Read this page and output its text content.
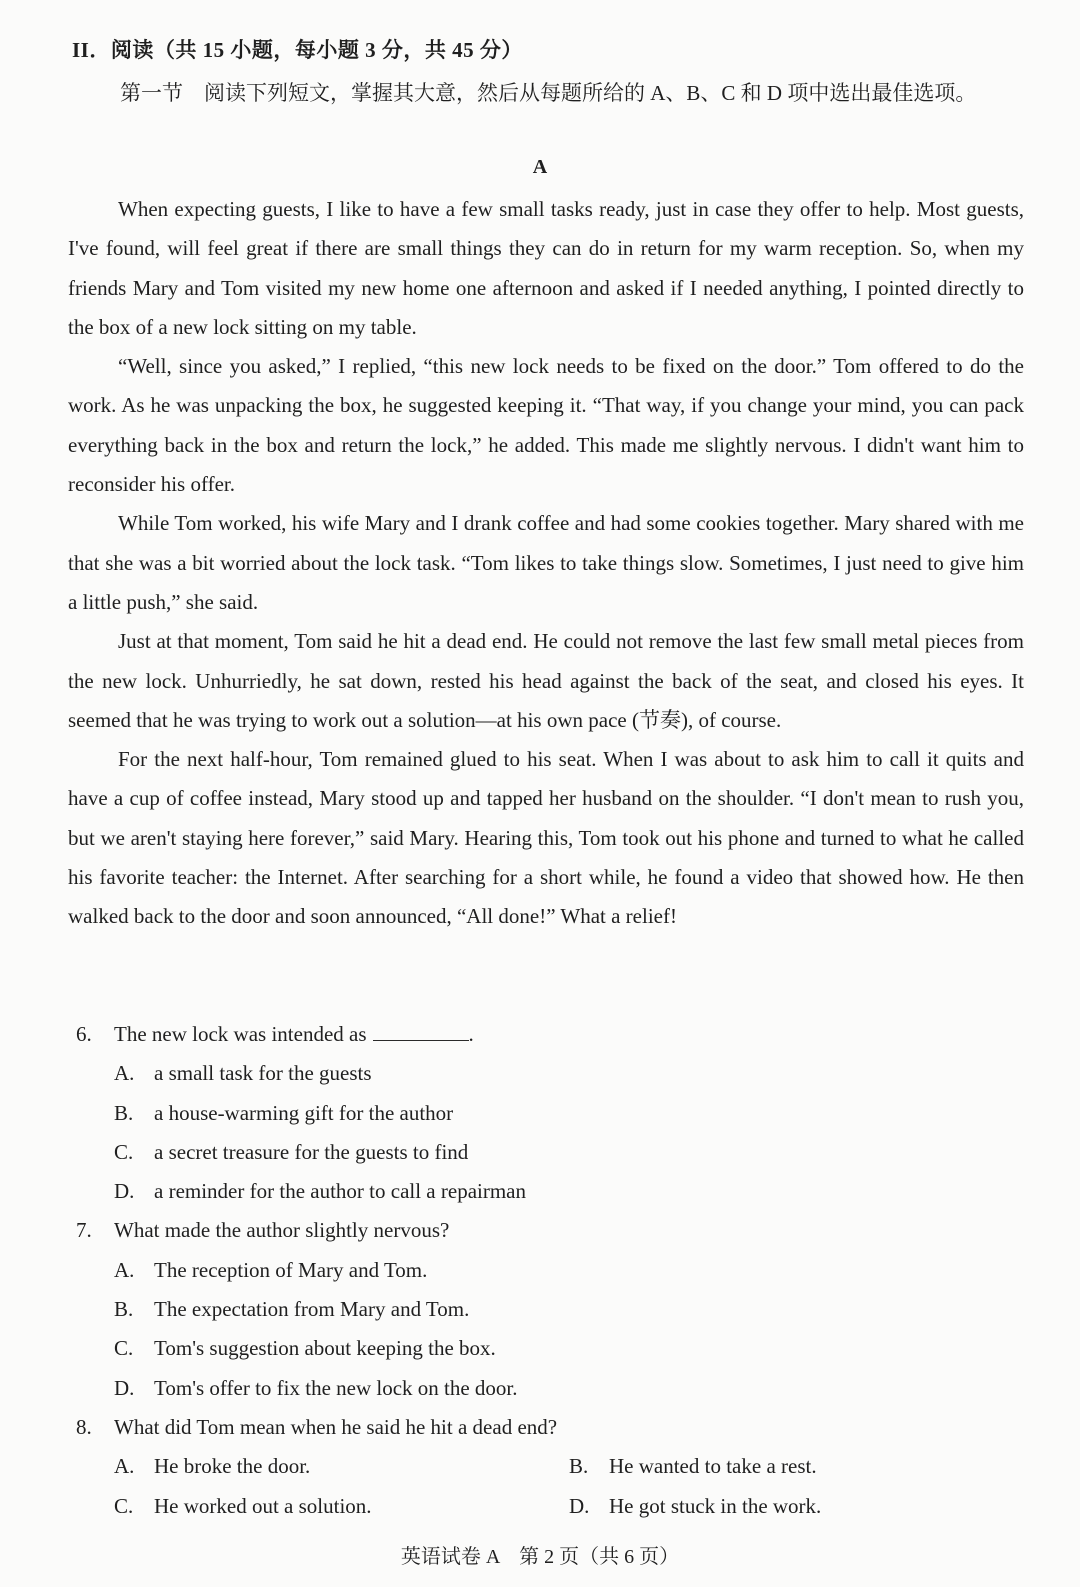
II．阅读（共 15 小题，每小题 3 分，共 45 分）
第一节　阅读下列短文，掌握其大意，然后从每题所给的 A、B、C 和 D 项中选出最佳选项。
A

When expecting guests, I like to have a few small tasks ready, just in case they offer to help. Most guests, I've found, will feel great if there are small things they can do in return for my warm reception. So, when my friends Mary and Tom visited my new home one afternoon and asked if I needed anything, I pointed directly to the box of a new lock sitting on my table.

“Well, since you asked,” I replied, “this new lock needs to be fixed on the door.” Tom offered to do the work. As he was unpacking the box, he suggested keeping it. “That way, if you change your mind, you can pack everything back in the box and return the lock,” he added. This made me slightly nervous. I didn't want him to reconsider his offer.

While Tom worked, his wife Mary and I drank coffee and had some cookies together. Mary shared with me that she was a bit worried about the lock task. “Tom likes to take things slow. Sometimes, I just need to give him a little push,” she said.

Just at that moment, Tom said he hit a dead end. He could not remove the last few small metal pieces from the new lock. Unhurriedly, he sat down, rested his head against the back of the seat, and closed his eyes. It seemed that he was trying to work out a solution—at his own pace (节奏), of course.

For the next half-hour, Tom remained glued to his seat. When I was about to ask him to call it quits and have a cup of coffee instead, Mary stood up and tapped her husband on the shoulder. “I don't mean to rush you, but we aren't staying here forever,” said Mary. Hearing this, Tom took out his phone and turned to what he called his favorite teacher: the Internet. After searching for a short while, he found a video that showed how. He then walked back to the door and soon announced, “All done!” What a relief!

6. The new lock was intended as	.
A. a small task for the guests
B. a house-warming gift for the author
C. a secret treasure for the guests to find
D. a reminder for the author to call a repairman
7. What made the author slightly nervous?
A. The reception of Mary and Tom.
B. The expectation from Mary and Tom.
C. Tom's suggestion about keeping the box.
D. Tom's offer to fix the new lock on the door.
8. What did Tom mean when he said he hit a dead end?
A. He broke the door.	B. He wanted to take a rest.
C. He worked out a solution.	D. He got stuck in the work.
英语试卷 A　第 2 页（共 6 页）
